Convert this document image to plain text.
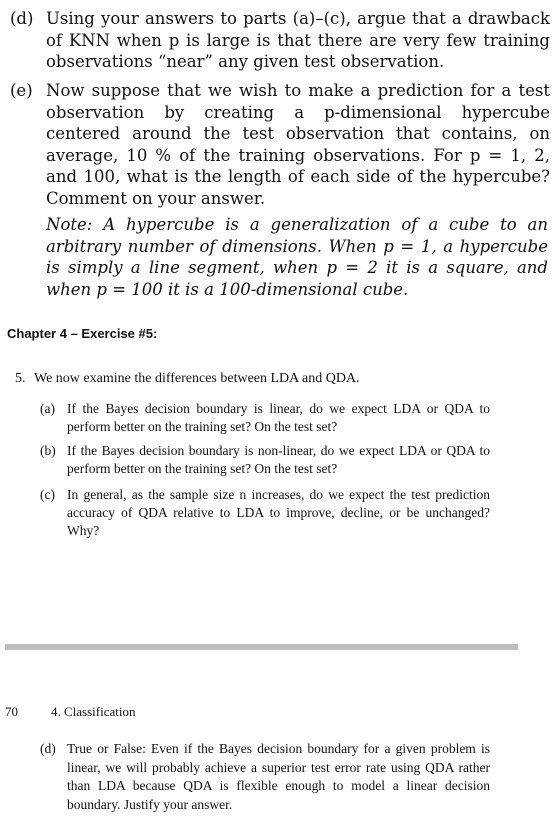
(d) Using your answers to parts (a)–(c), argue that a drawback of KNN when p is large is that there are very few training observations “near” any given test observation.
(e) Now suppose that we wish to make a prediction for a test observation by creating a p-dimensional hypercube centered around the test observation that contains, on average, 10 % of the training observations. For p = 1, 2, and 100, what is the length of each side of the hypercube? Comment on your answer.
Note: A hypercube is a generalization of a cube to an arbitrary number of dimensions. When p = 1, a hypercube is simply a line segment, when p = 2 it is a square, and when p = 100 it is a 100-dimensional cube.
Chapter 4 – Exercise #5:
5. We now examine the differences between LDA and QDA.
(a) If the Bayes decision boundary is linear, do we expect LDA or QDA to perform better on the training set? On the test set?
(b) If the Bayes decision boundary is non-linear, do we expect LDA or QDA to perform better on the training set? On the test set?
(c) In general, as the sample size n increases, do we expect the test prediction accuracy of QDA relative to LDA to improve, decline, or be unchanged? Why?
70	4. Classification
(d) True or False: Even if the Bayes decision boundary for a given problem is linear, we will probably achieve a superior test error rate using QDA rather than LDA because QDA is flexible enough to model a linear decision boundary. Justify your answer.
